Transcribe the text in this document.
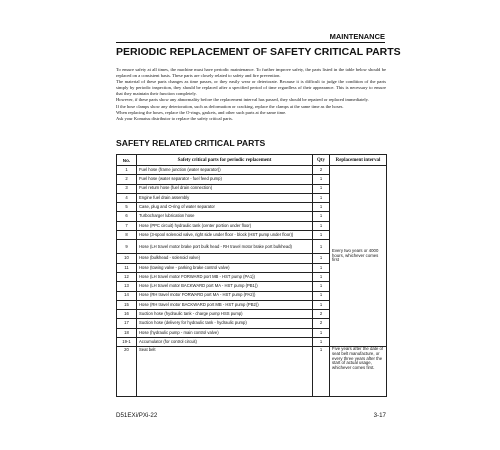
MAINTENANCE
PERIODIC REPLACEMENT OF SAFETY CRITICAL PARTS

To ensure safety at all times, the machine must have periodic maintenance. To further improve safety, the parts listed in the table below should be replaced on a consistent basis. These parts are closely related to safety and fire prevention.

The material of these parts changes as time passes, or they easily wear or deteriorate. Because it is difficult to judge the condition of the parts simply by periodic inspection, they should be replaced after a specified period of time regardless of their appearance. This is necessary to ensure that they maintain their function completely.

However, if these parts show any abnormality before the replacement interval has passed, they should be repaired or replaced immediately.

If the hose clamps show any deterioration, such as deformation or cracking, replace the clamps at the same time as the hoses.

When replacing the hoses, replace the O-rings, gaskets, and other such parts at the same time.

Ask your Komatsu distributor to replace the safety critical parts.

SAFETY RELATED CRITICAL PARTS
No.	Safety critical parts for periodic replacement	Qty	Replacement interval
1	Fuel hose (frame junction (water separator))	2	Every two years or 4000 hours, whichever comes first
2	Fuel hose (water separator - fuel feed pump)	1	
3	Fuel return hose (fuel drain connection)	1	
4	Engine fuel drain assembly	1	
5	Case, plug and O-ring of water separator	1	
6	Turbocharger lubrication hose	1	
7	Hose (PPC circuit) hydraulic tank (center portion under floor)	1	
8	Hose (3-spool solenoid valve, right side under floor - block (HST pump under floor))	1	
9	Hose (LH travel motor brake port bulk head - RH travel motor brake port bulkhead)	1	
10	Hose (bulkhead - solenoid valve)	1	
11	Hose (towing valve - parking brake control valve)	1	
12	Hose (LH travel motor FORWARD port MB - HST pump (PA1))	1	
13	Hose (LH travel motor BACKWARD port MA - HST pump (PB1))	1	
14	Hose (RH travel motor FORWARD port MA - HST pump (PA2))	1	
15	Hose (RH travel motor BACKWARD port MB - HST pump (PB2))	1	
16	Suction hose (hydraulic tank - charge pump HSS pump)	2	
17	Suction hose (delivery for hydraulic tank - hydraulic pump)	2	
18	Hose (hydraulic pump - main control valve)	1	
19-1	Accumulator (for control circuit)	1	
20	Seat belt	1	Five years after the date of seat belt manufacture, or every three years after the start of actual usage, whichever comes first.
D51EXi/PXi-22	3-17
